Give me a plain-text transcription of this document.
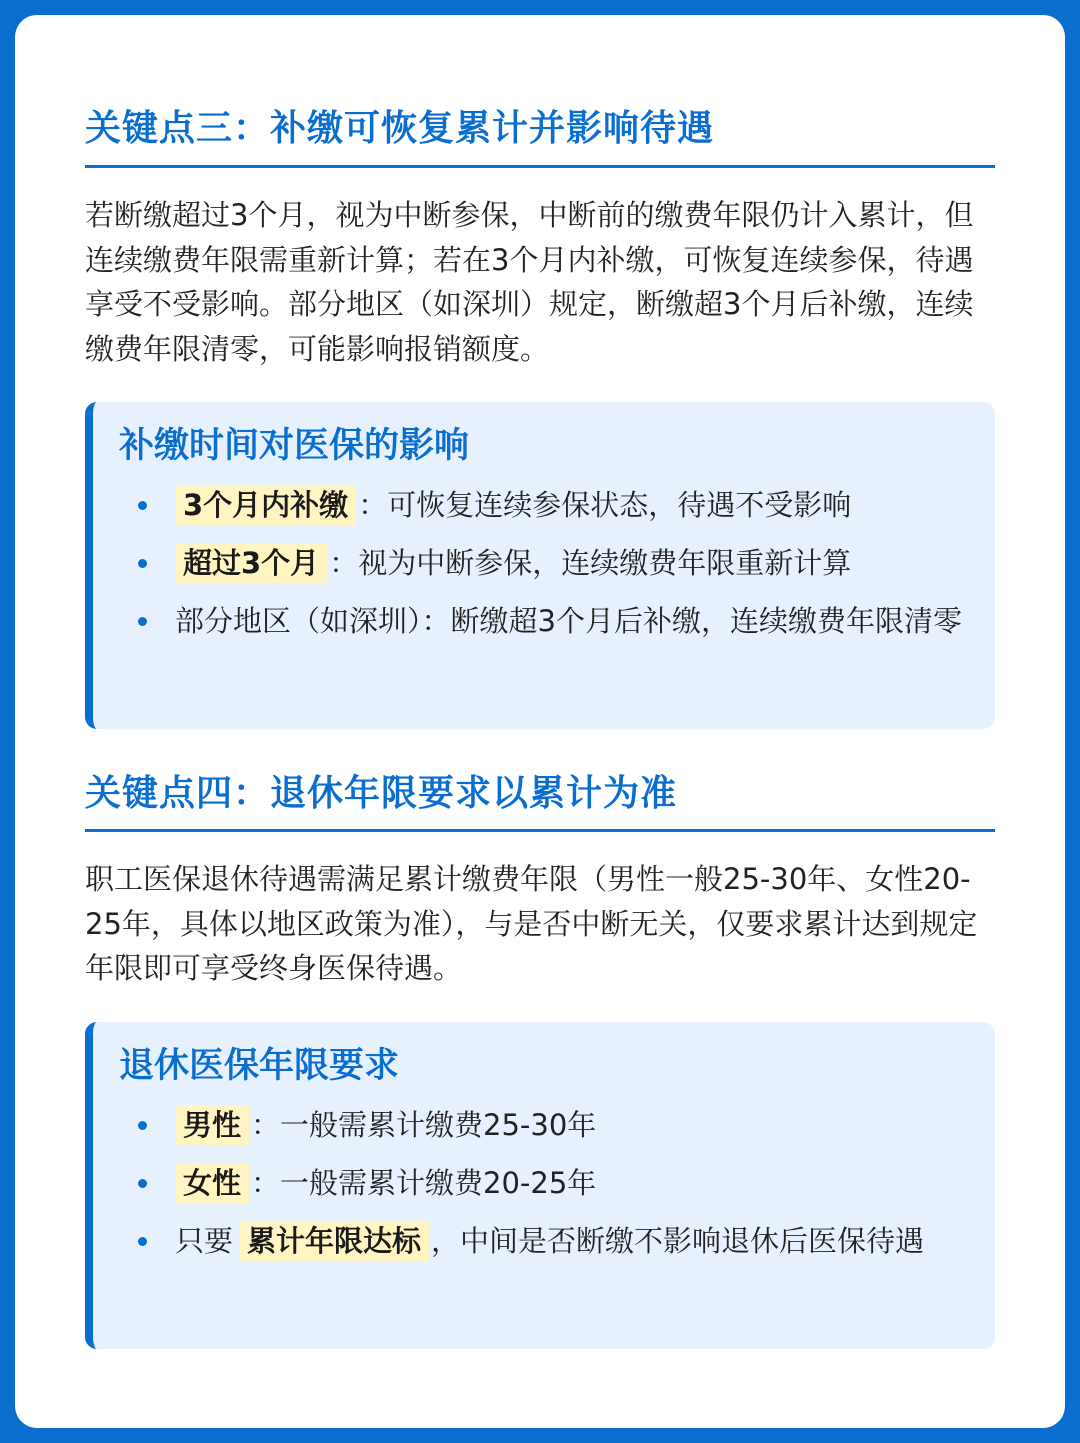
关键点三：补缴可恢复累计并影响待遇

若断缴超过3个月，视为中断参保，中断前的缴费年限仍计入累计，但连续缴费年限需重新计算；若在3个月内补缴，可恢复连续参保，待遇享受不受影响。部分地区（如深圳）规定，断缴超3个月后补缴，连续缴费年限清零，可能影响报销额度。

补缴时间对医保的影响
3个月内补缴 ：可恢复连续参保状态，待遇不受影响
超过3个月 ：视为中断参保，连续缴费年限重新计算
部分地区（如深圳）：断缴超3个月后补缴，连续缴费年限清零
关键点四：退休年限要求以累计为准

职工医保退休待遇需满足累计缴费年限（男性一般25-30年、女性20-25年，具体以地区政策为准），与是否中断无关，仅要求累计达到规定年限即可享受终身医保待遇。

退休医保年限要求
男性 ：一般需累计缴费25-30年
女性 ：一般需累计缴费20-25年
只要 累计年限达标 ，中间是否断缴不影响退休后医保待遇
